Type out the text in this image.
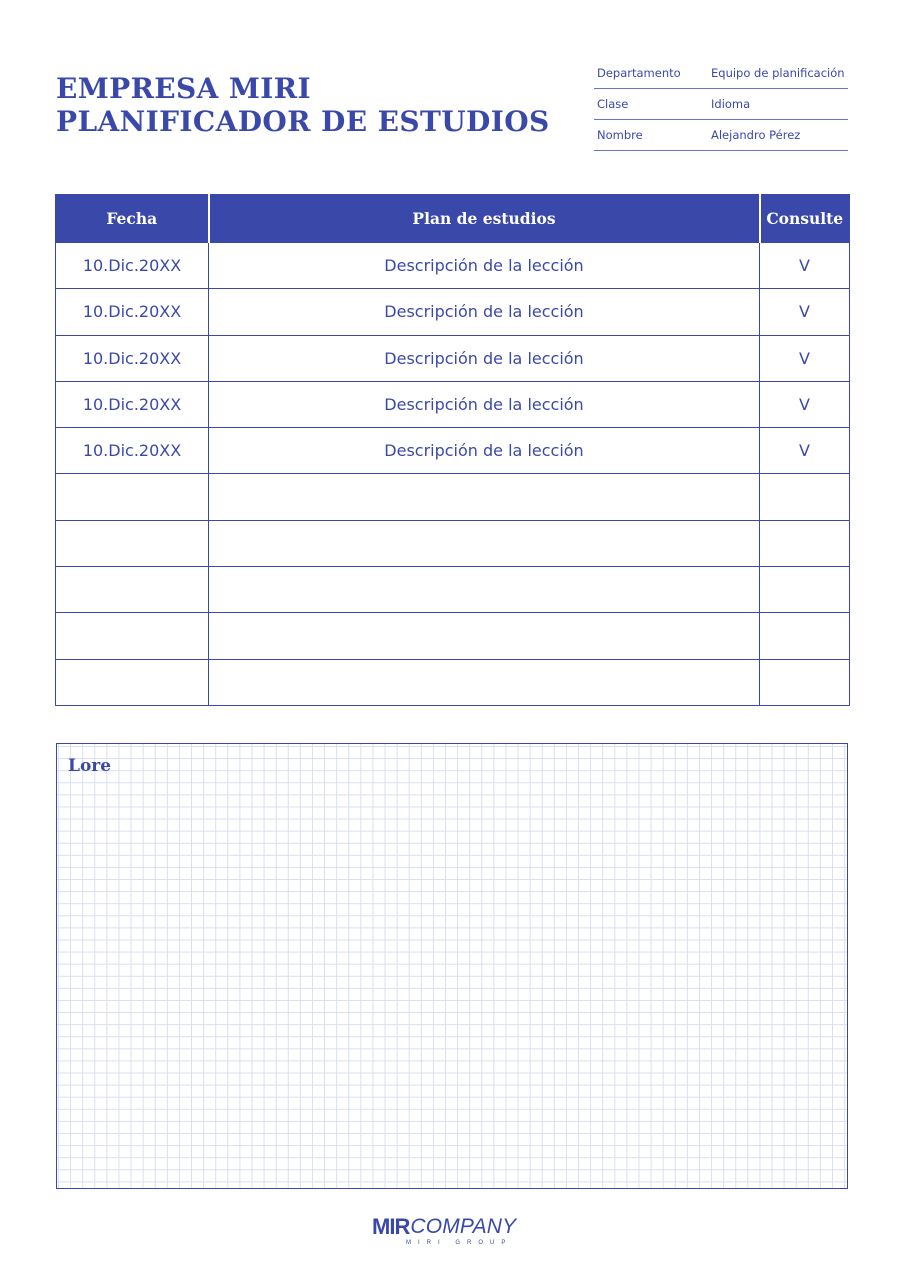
EMPRESA MIRI
PLANIFICADOR DE ESTUDIOS
Departamento	Equipo de planificación
Clase	Idioma
Nombre	Alejandro Pérez
Fecha	Plan de estudios	Consulte
10.Dic.20XX	Descripción de la lección	V
10.Dic.20XX	Descripción de la lección	V
10.Dic.20XX	Descripción de la lección	V
10.Dic.20XX	Descripción de la lección	V
10.Dic.20XX	Descripción de la lección	V

Lore
MIR COMPANY
MIRI GROUP
